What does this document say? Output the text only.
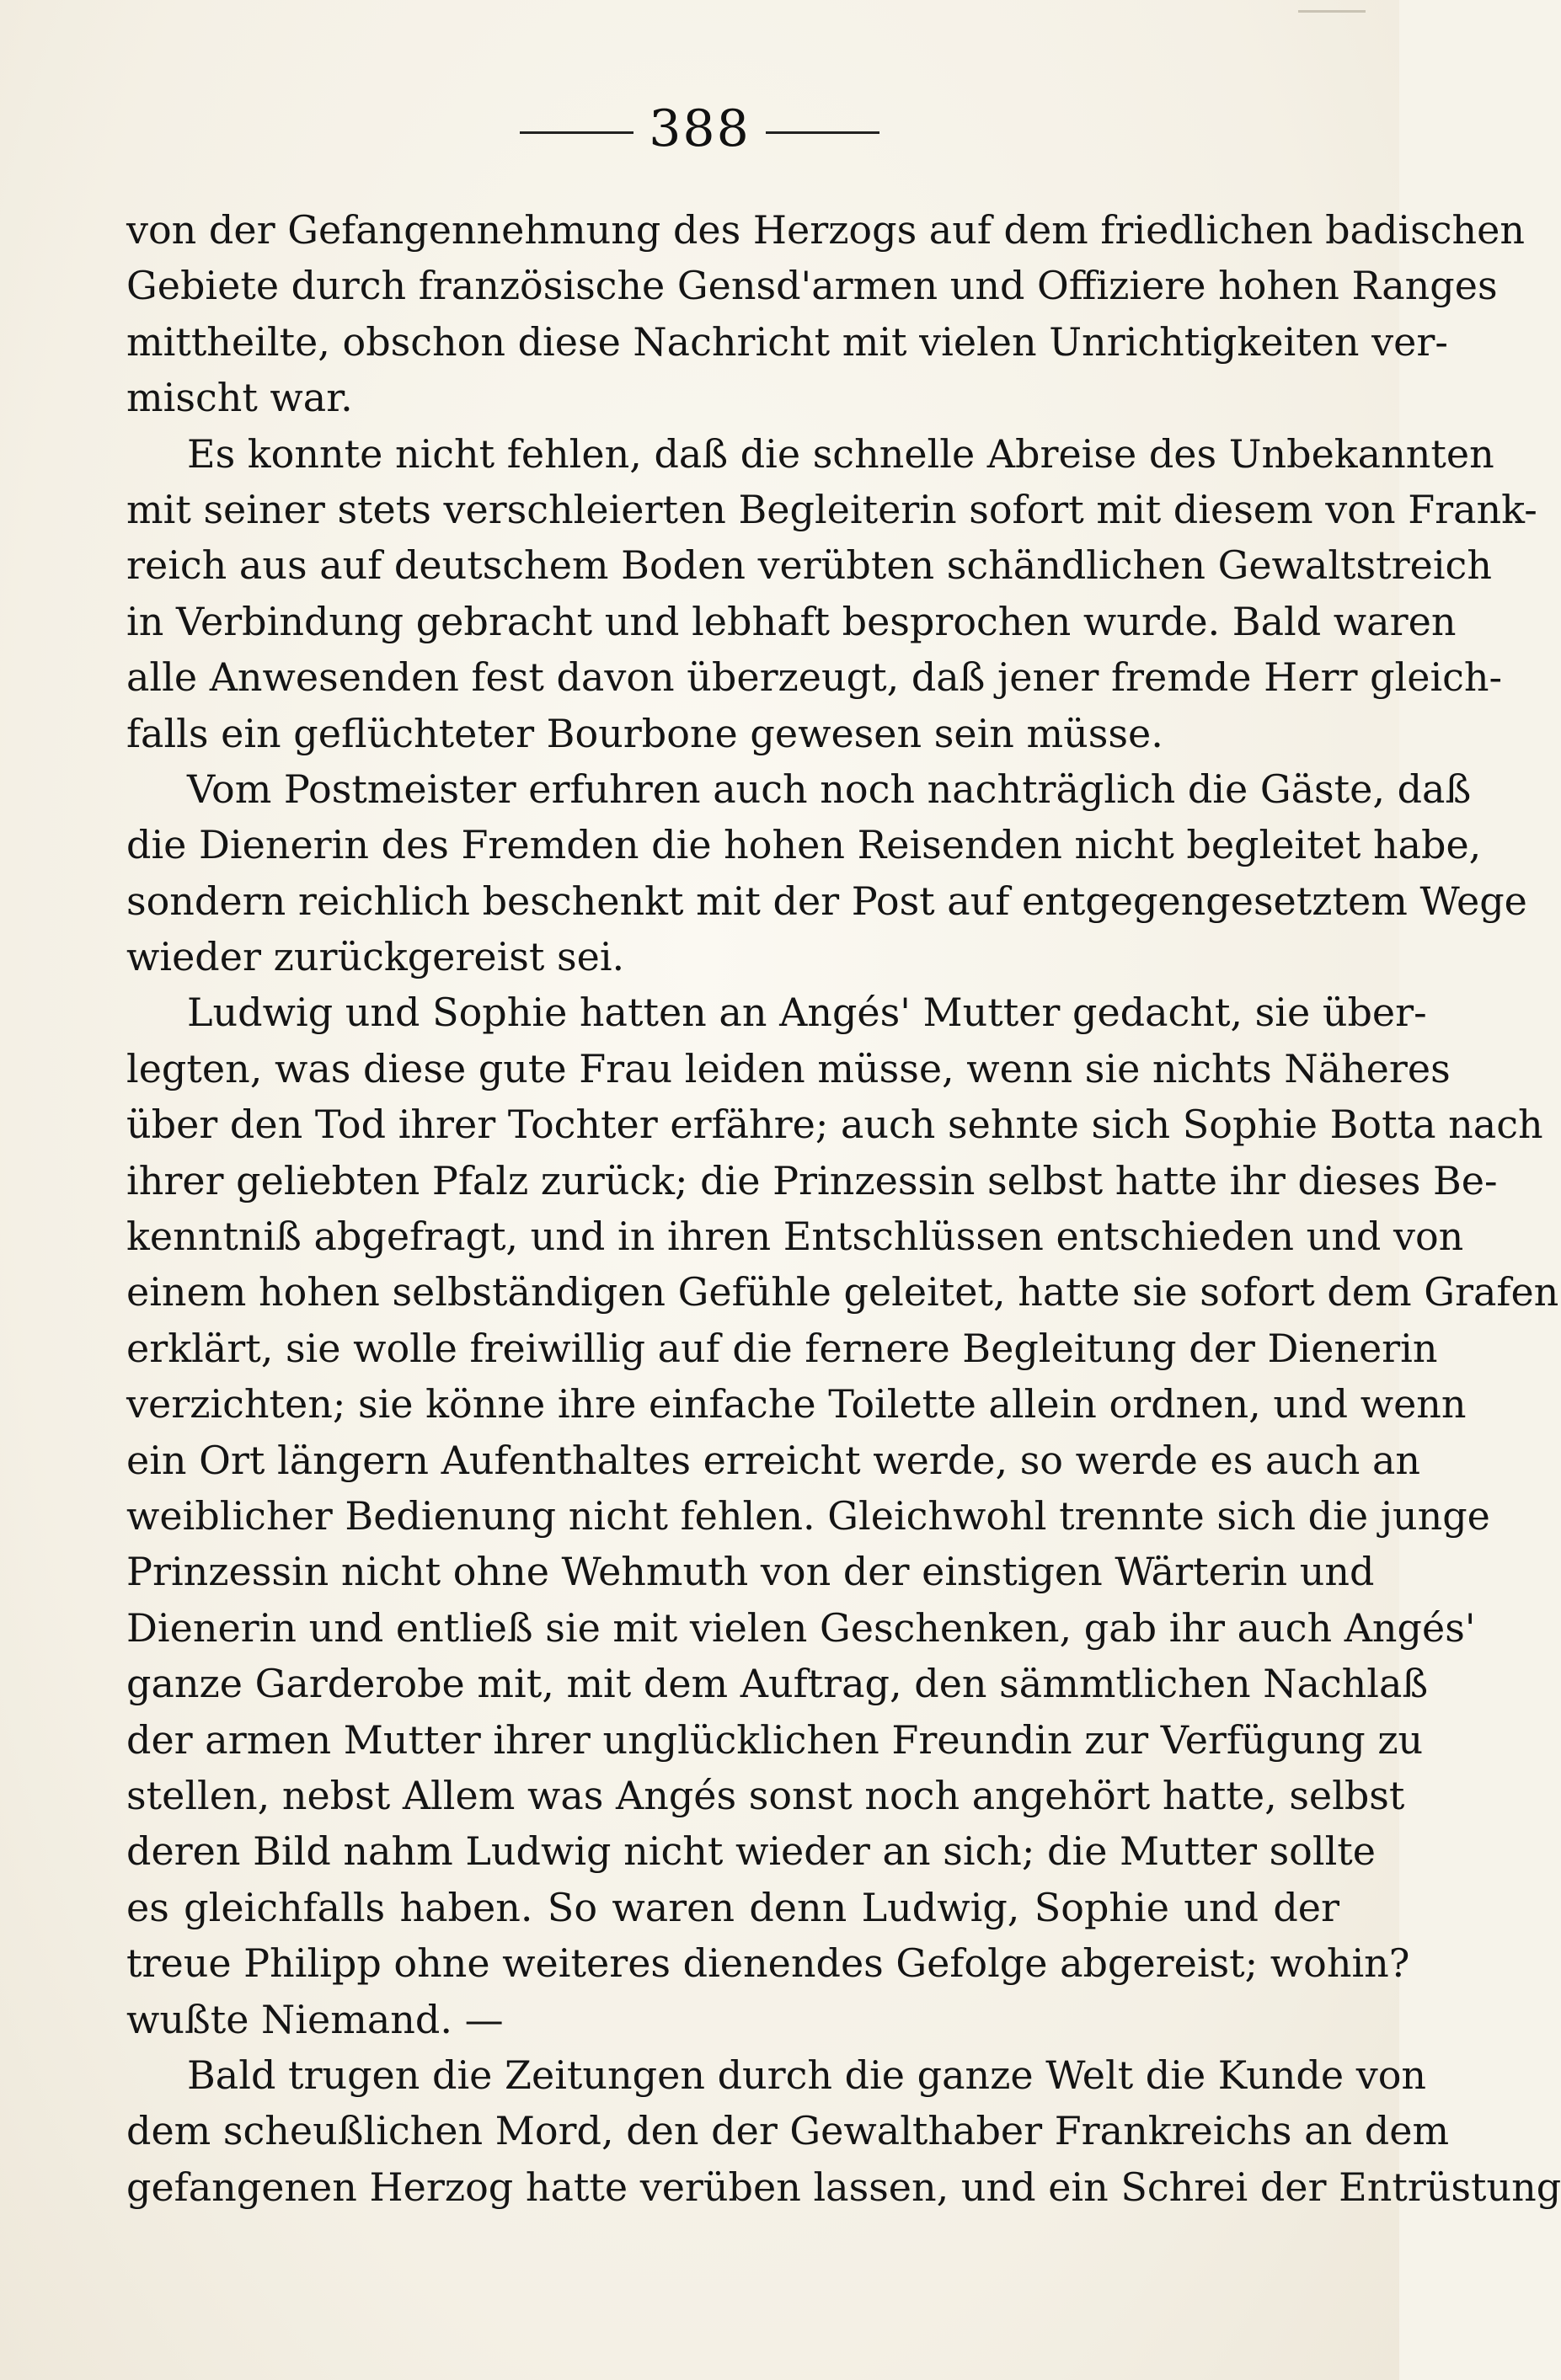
388
von der Gefangennehmung des Herzogs auf dem friedlichen badischen
Gebiete durch französische Gensd'armen und Offiziere hohen Ranges
mittheilte, obschon diese Nachricht mit vielen Unrichtigkeiten ver-
mischt war.
Es konnte nicht fehlen, daß die schnelle Abreise des Unbekannten
mit seiner stets verschleierten Begleiterin sofort mit diesem von Frank-
reich aus auf deutschem Boden verübten schändlichen Gewaltstreich
in Verbindung gebracht und lebhaft besprochen wurde. Bald waren
alle Anwesenden fest davon überzeugt, daß jener fremde Herr gleich-
falls ein geflüchteter Bourbone gewesen sein müsse.
Vom Postmeister erfuhren auch noch nachträglich die Gäste, daß
die Dienerin des Fremden die hohen Reisenden nicht begleitet habe,
sondern reichlich beschenkt mit der Post auf entgegengesetztem Wege
wieder zurückgereist sei.
Ludwig und Sophie hatten an Angés' Mutter gedacht, sie über-
legten, was diese gute Frau leiden müsse, wenn sie nichts Näheres
über den Tod ihrer Tochter erfähre; auch sehnte sich Sophie Botta nach
ihrer geliebten Pfalz zurück; die Prinzessin selbst hatte ihr dieses Be-
kenntniß abgefragt, und in ihren Entschlüssen entschieden und von
einem hohen selbständigen Gefühle geleitet, hatte sie sofort dem Grafen
erklärt, sie wolle freiwillig auf die fernere Begleitung der Dienerin
verzichten; sie könne ihre einfache Toilette allein ordnen, und wenn
ein Ort längern Aufenthaltes erreicht werde, so werde es auch an
weiblicher Bedienung nicht fehlen. Gleichwohl trennte sich die junge
Prinzessin nicht ohne Wehmuth von der einstigen Wärterin und
Dienerin und entließ sie mit vielen Geschenken, gab ihr auch Angés'
ganze Garderobe mit, mit dem Auftrag, den sämmtlichen Nachlaß
der armen Mutter ihrer unglücklichen Freundin zur Verfügung zu
stellen, nebst Allem was Angés sonst noch angehört hatte, selbst
deren Bild nahm Ludwig nicht wieder an sich; die Mutter sollte
es gleichfalls haben. So waren denn Ludwig, Sophie und der
treue Philipp ohne weiteres dienendes Gefolge abgereist; wohin?
wußte Niemand. —
Bald trugen die Zeitungen durch die ganze Welt die Kunde von
dem scheußlichen Mord, den der Gewalthaber Frankreichs an dem
gefangenen Herzog hatte verüben lassen, und ein Schrei der Entrüstung
